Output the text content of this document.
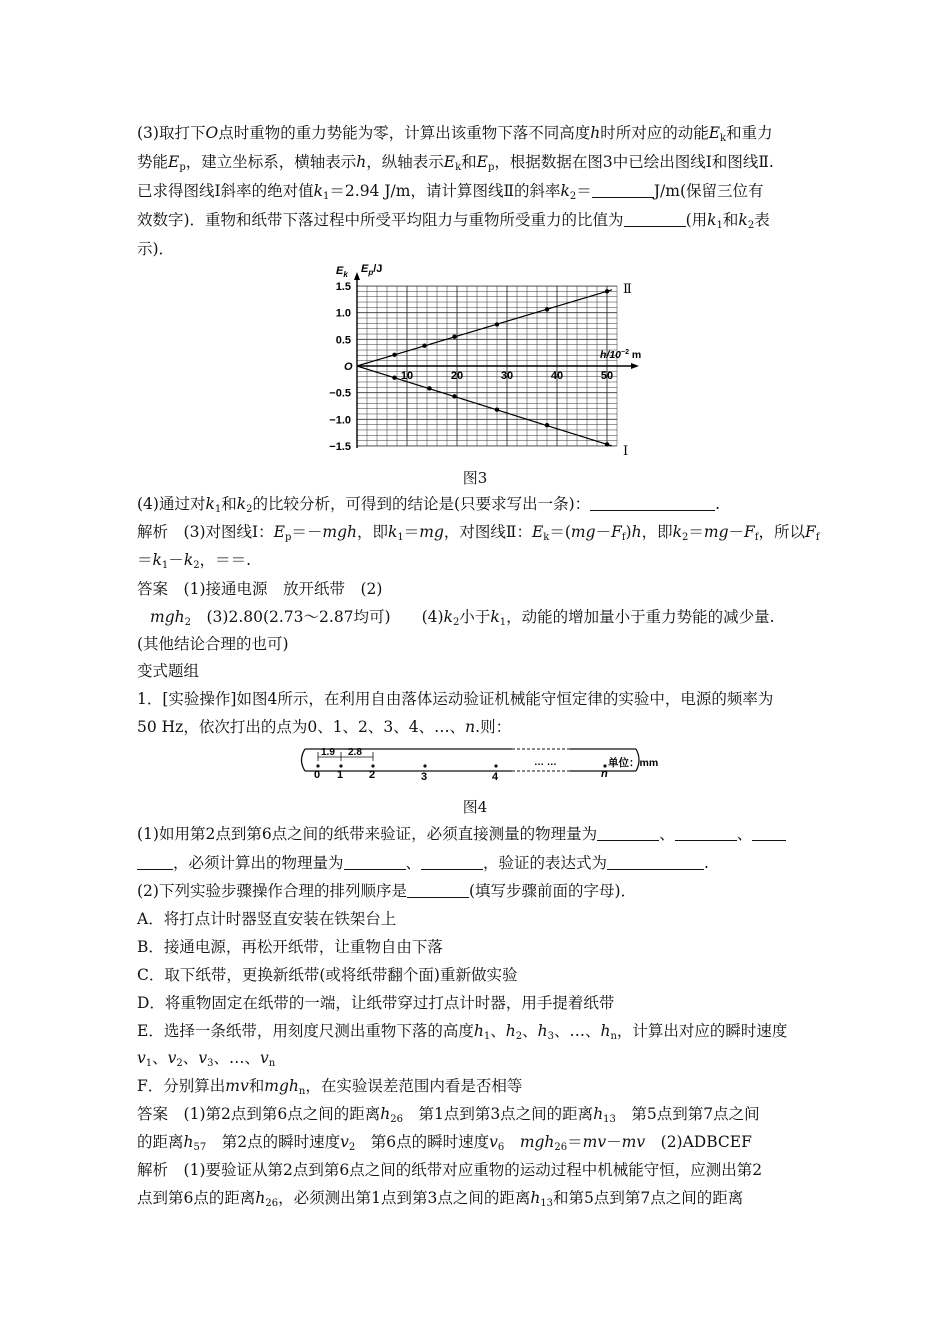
(3)取打下O点时重物的重力势能为零，计算出该重物下落不同高度h时所对应的动能$E_k$和重力
势能$E_p$，建立坐标系，横轴表示h，纵轴表示$E_k$和$E_p$，根据数据在图3中已绘出图线Ⅰ和图线Ⅱ.
已求得图线Ⅰ斜率的绝对值$k_1=2.94$ J/m，请计算图线Ⅱ的斜率$k_2=$	J/m(保留三位有
效数字)．重物和纸带下落过程中所受平均阻力与重物所受重力的比值为	(用$k_1$和$k_2$表
示)．
1.5
1.0
0.5
−0.5
−1.0
−1.5
10	20	30	40	50
Ⅱ
Ⅰ
$E_k$ $E_p/J$
$h/10^{-2}$ m
O
图3
(4)通过对$k_1$和$k_2$的比较分析，可得到的结论是(只要求写出一条)：	.
解析　 (3)对图线Ⅰ：$E_p=-mgh$，即$k_1=mg$，对图线Ⅱ：$E_k=(mg-F_f)h$，即$k_2=mg-F_f$，所以$F_f$
$=k_1-k_2$，＝＝.
答案　 (1)接通电源　放开纸带　(2)
mgh$_2$　 (3)2.80(2.73～2.87均可)　　 $(4)k_2$小于$k_1$，动能的增加量小于重力势能的减少量.
(其他结论合理的也可)
变式题组
1．[实验操作]如图4所示，在利用自由落体运动验证机械能守恒定律的实验中，电源的频率为
50 Hz，依次打出的点为0、1、2、3、4、…、n.则：
1.9 2.8
0 1 2	3	4
… …
n
单位：mm
图4
(1)如用第2点到第6点之间的纸带来验证，必须直接测量的物理量为	、	、
，必须计算出的物理量为	、	，验证的表达式为	.
(2)下列实验步骤操作合理的排列顺序是	(填写步骤前面的字母)．
A．将打点计时器竖直安装在铁架台上
B．接通电源，再松开纸带，让重物自由下落
C．取下纸带，更换新纸带(或将纸带翻个面)重新做实验
D．将重物固定在纸带的一端，让纸带穿过打点计时器，用手提着纸带
E．选择一条纸带，用刻度尺测出重物下落的高度$h_1$、$h_2$、$h_3$、…、$h_n$，计算出对应的瞬时速度
$v_1$、$v_2$、$v_3$、…、$v_n$
F．分别算出mv和mgh$_n$，在实验误差范围内看是否相等
答案　 (1)第2点到第6点之间的距离$h_{26}$　 第1点到第3点之间的距离$h_{13}$　 第5点到第7点之间
的距离$h_{57}$　 第2点的瞬时速度$v_2$　 第6点的瞬时速度$v_6$　 mgh$_{26}$＝mv－mv　 (2)ADBCEF
解析　 (1)要验证从第2点到第6点之间的纸带对应重物的运动过程中机械能守恒，应测出第2
点到第6点的距离$h_{26}$，必须测出第1点到第3点之间的距离$h_{13}$和第5点到第7点之间的距离
